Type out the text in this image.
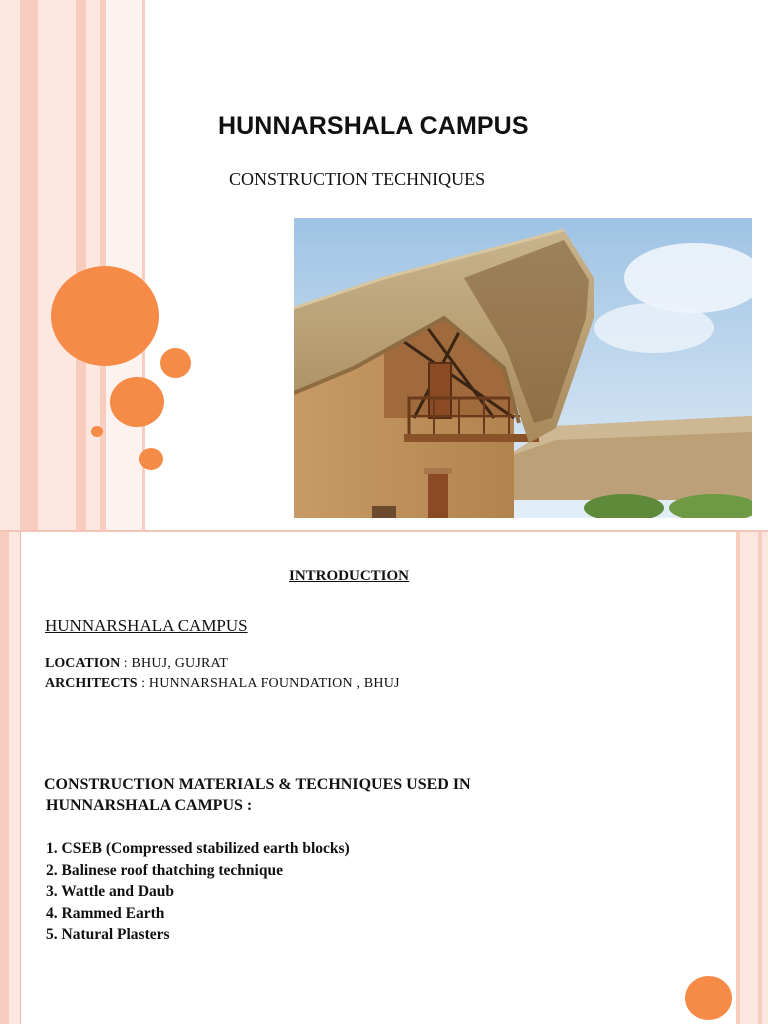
HUNNARSHALA CAMPUS
CONSTRUCTION TECHNIQUES
INTRODUCTION
HUNNARSHALA CAMPUS
LOCATION : BHUJ, GUJRAT
ARCHITECTS : HUNNARSHALA FOUNDATION , BHUJ
CONSTRUCTION MATERIALS & TECHNIQUES USED IN
HUNNARSHALA CAMPUS :
1. CSEB (Compressed stabilized earth blocks)
2. Balinese roof thatching technique
3. Wattle and Daub
4. Rammed Earth
5. Natural Plasters
